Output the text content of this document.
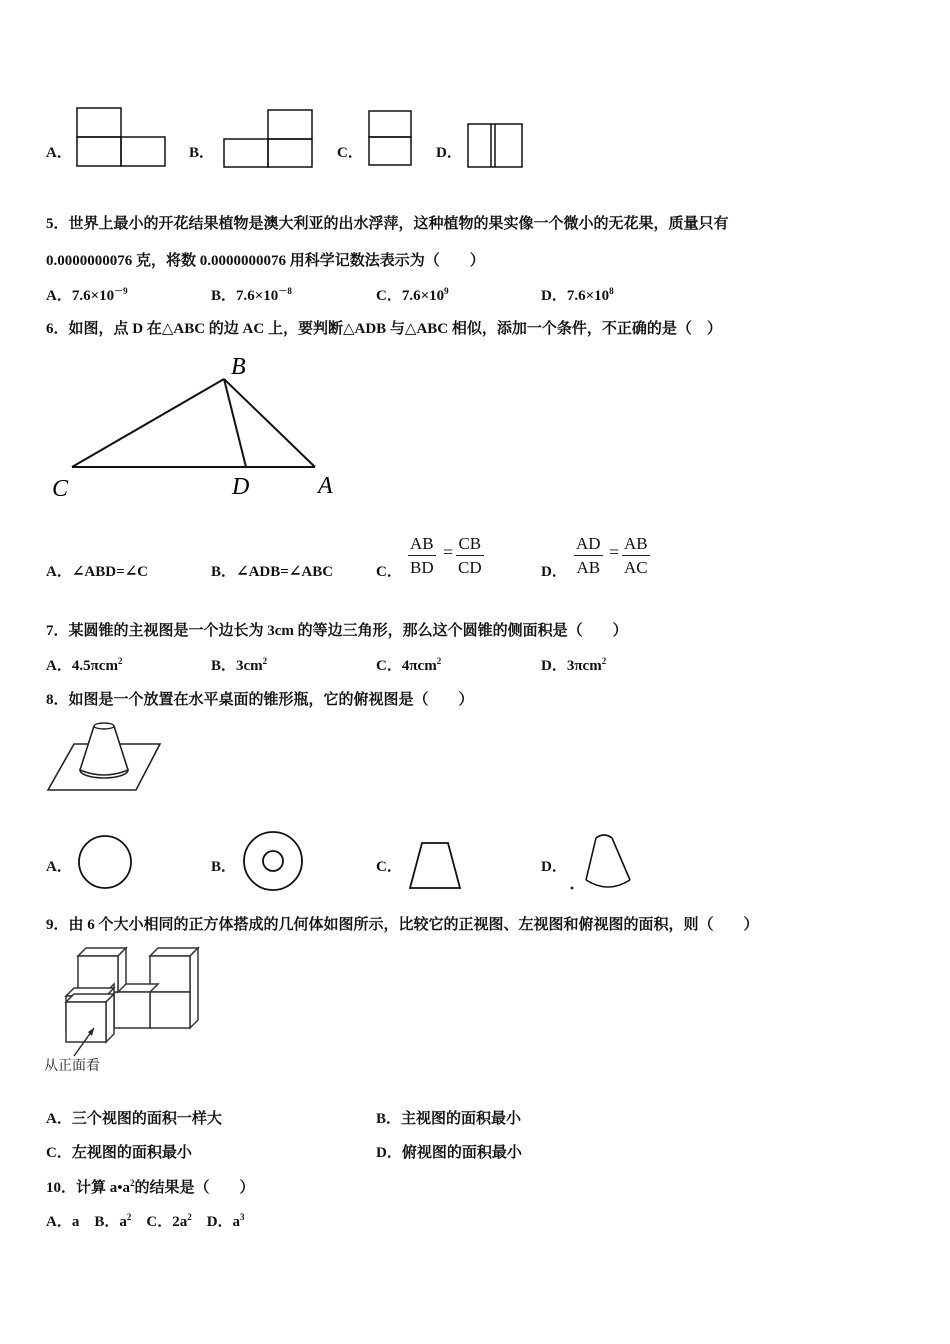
A．	B．	C．	D．
5．世界上最小的开花结果植物是澳大利亚的出水浮萍，这种植物的果实像一个微小的无花果，质量只有
0.0000000076 克，将数 0.0000000076 用科学记数法表示为（　　）
A．$7.6\times 10^{-9}$	B．$7.6\times 10^{-8}$	C．$7.6\times 10^9$	D．$7.6\times 10^8$
6．如图，点 D 在△ABC 的边 AC 上，要判断△ADB 与△ABC 相似，添加一个条件，不正确的是（　）
B
C	D	A
A．∠ABD=∠C	B．∠ADB=∠ABC	C． $\frac{AB}{BD} = \frac{CB}{CD}$	D． $\frac{AD}{AB} = \frac{AB}{AC}$
7．某圆锥的主视图是一个边长为 3cm 的等边三角形，那么这个圆锥的侧面积是（　　）
A．4.5πcm$^2$	B．$3cm^2$	C．4πcm$^2$	D．3πcm$^2$
8．如图是一个放置在水平桌面的锥形瓶，它的俯视图是（　　）
A．	B．	C．	D．
9．由 6 个大小相同的正方体搭成的几何体如图所示，比较它的正视图、左视图和俯视图的面积，则（　　）
从正面看
A．三个视图的面积一样大	B．主视图的面积最小
C．左视图的面积最小	D．俯视图的面积最小
10．计算 $a•a^2$的结果是（　　）
A．a B．$a^2$ C．$2a^2$ D．$a^3$
